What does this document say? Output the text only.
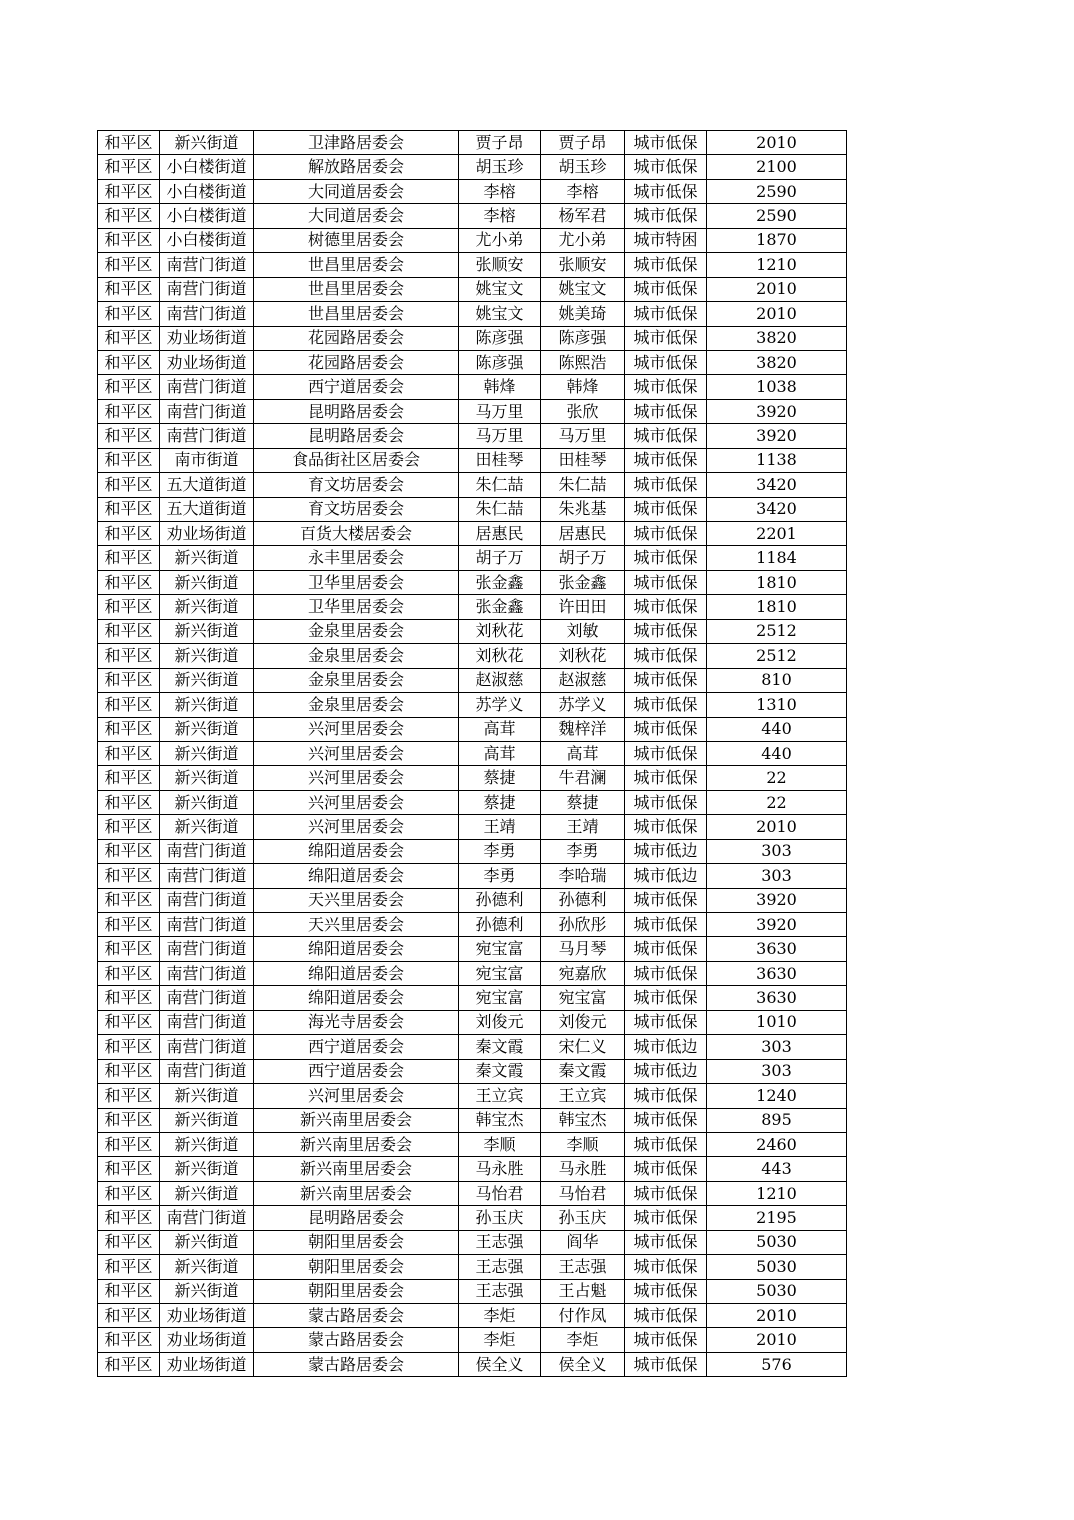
和平区	新兴街道	卫津路居委会	贾子昂	贾子昂	城市低保	2010
和平区	小白楼街道	解放路居委会	胡玉珍	胡玉珍	城市低保	2100
和平区	小白楼街道	大同道居委会	李榕	李榕	城市低保	2590
和平区	小白楼街道	大同道居委会	李榕	杨军君	城市低保	2590
和平区	小白楼街道	树德里居委会	尤小弟	尤小弟	城市特困	1870
和平区	南营门街道	世昌里居委会	张顺安	张顺安	城市低保	1210
和平区	南营门街道	世昌里居委会	姚宝文	姚宝文	城市低保	2010
和平区	南营门街道	世昌里居委会	姚宝文	姚美琦	城市低保	2010
和平区	劝业场街道	花园路居委会	陈彦强	陈彦强	城市低保	3820
和平区	劝业场街道	花园路居委会	陈彦强	陈熙浩	城市低保	3820
和平区	南营门街道	西宁道居委会	韩烽	韩烽	城市低保	1038
和平区	南营门街道	昆明路居委会	马万里	张欣	城市低保	3920
和平区	南营门街道	昆明路居委会	马万里	马万里	城市低保	3920
和平区	南市街道	食品街社区居委会	田桂琴	田桂琴	城市低保	1138
和平区	五大道街道	育文坊居委会	朱仁喆	朱仁喆	城市低保	3420
和平区	五大道街道	育文坊居委会	朱仁喆	朱兆基	城市低保	3420
和平区	劝业场街道	百货大楼居委会	居惠民	居惠民	城市低保	2201
和平区	新兴街道	永丰里居委会	胡子万	胡子万	城市低保	1184
和平区	新兴街道	卫华里居委会	张金鑫	张金鑫	城市低保	1810
和平区	新兴街道	卫华里居委会	张金鑫	许田田	城市低保	1810
和平区	新兴街道	金泉里居委会	刘秋花	刘敏	城市低保	2512
和平区	新兴街道	金泉里居委会	刘秋花	刘秋花	城市低保	2512
和平区	新兴街道	金泉里居委会	赵淑慈	赵淑慈	城市低保	810
和平区	新兴街道	金泉里居委会	苏学义	苏学义	城市低保	1310
和平区	新兴街道	兴河里居委会	高茸	魏梓洋	城市低保	440
和平区	新兴街道	兴河里居委会	高茸	高茸	城市低保	440
和平区	新兴街道	兴河里居委会	蔡捷	牛君澜	城市低保	22
和平区	新兴街道	兴河里居委会	蔡捷	蔡捷	城市低保	22
和平区	新兴街道	兴河里居委会	王靖	王靖	城市低保	2010
和平区	南营门街道	绵阳道居委会	李勇	李勇	城市低边	303
和平区	南营门街道	绵阳道居委会	李勇	李哈瑞	城市低边	303
和平区	南营门街道	天兴里居委会	孙德利	孙德利	城市低保	3920
和平区	南营门街道	天兴里居委会	孙德利	孙欣彤	城市低保	3920
和平区	南营门街道	绵阳道居委会	宛宝富	马月琴	城市低保	3630
和平区	南营门街道	绵阳道居委会	宛宝富	宛嘉欣	城市低保	3630
和平区	南营门街道	绵阳道居委会	宛宝富	宛宝富	城市低保	3630
和平区	南营门街道	海光寺居委会	刘俊元	刘俊元	城市低保	1010
和平区	南营门街道	西宁道居委会	秦文霞	宋仁义	城市低边	303
和平区	南营门街道	西宁道居委会	秦文霞	秦文霞	城市低边	303
和平区	新兴街道	兴河里居委会	王立宾	王立宾	城市低保	1240
和平区	新兴街道	新兴南里居委会	韩宝杰	韩宝杰	城市低保	895
和平区	新兴街道	新兴南里居委会	李顺	李顺	城市低保	2460
和平区	新兴街道	新兴南里居委会	马永胜	马永胜	城市低保	443
和平区	新兴街道	新兴南里居委会	马怡君	马怡君	城市低保	1210
和平区	南营门街道	昆明路居委会	孙玉庆	孙玉庆	城市低保	2195
和平区	新兴街道	朝阳里居委会	王志强	阎华	城市低保	5030
和平区	新兴街道	朝阳里居委会	王志强	王志强	城市低保	5030
和平区	新兴街道	朝阳里居委会	王志强	王占魁	城市低保	5030
和平区	劝业场街道	蒙古路居委会	李炬	付作凤	城市低保	2010
和平区	劝业场街道	蒙古路居委会	李炬	李炬	城市低保	2010
和平区	劝业场街道	蒙古路居委会	侯全义	侯全义	城市低保	576
